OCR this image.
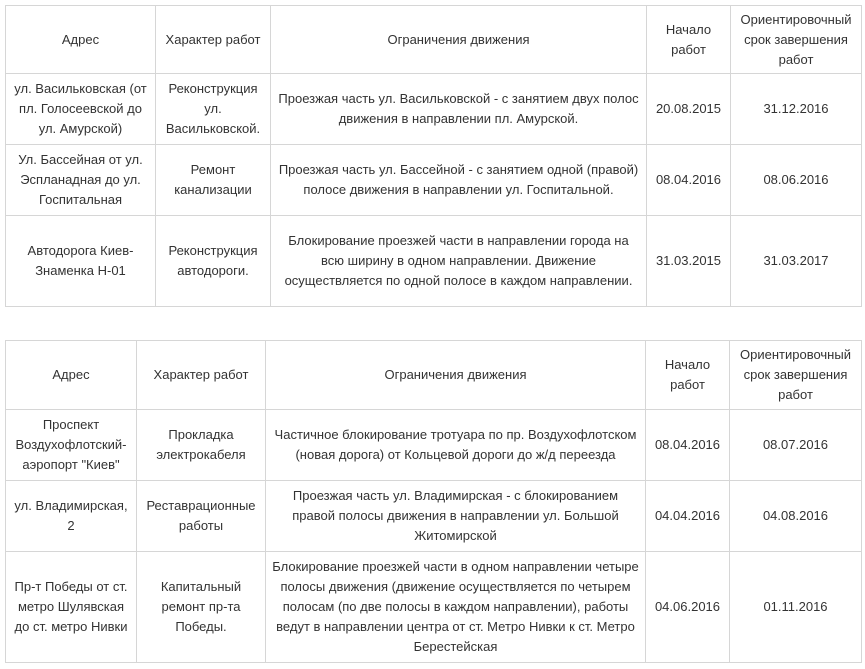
Адрес	Характер работ	Ограничения движения	Начало работ	Ориентировочный срок завершения работ
ул. Васильковская (от пл. Голосеевской до ул. Амурской)	Реконструкция ул. Васильковской.	Проезжая часть ул. Васильковской - с занятием двух полос движения в направлении пл. Амурской.	20.08.2015	31.12.2016
Ул. Бассейная от ул. Эспланадная до ул. Госпитальная	Ремонт канализации	Проезжая часть ул. Бассейной - с занятием одной (правой) полосе движения в направлении ул. Госпитальной.	08.04.2016	08.06.2016
Автодорога Киев-Знаменка Н-01	Реконструкция автодороги.	Блокирование проезжей части в направлении города на всю ширину в одном направлении. Движение осуществляется по одной полосе в каждом направлении.	31.03.2015	31.03.2017
Адрес	Характер работ	Ограничения движения	Начало работ	Ориентировочный срок завершения работ
Проспект Воздухофлотский-аэропорт "Киев"	Прокладка электрокабеля	Частичное блокирование тротуара по пр. Воздухофлотском (новая дорога) от Кольцевой дороги до ж/д переезда	08.04.2016	08.07.2016
ул. Владимирская, 2	Реставрационные работы	Проезжая часть ул. Владимирская - с блокированием правой полосы движения в направлении ул. Большой Житомирской	04.04.2016	04.08.2016
Пр-т Победы от ст. метро Шулявская до ст. метро Нивки	Капитальный ремонт пр-та Победы.	Блокирование проезжей части в одном направлении четыре полосы движения (движение осуществляется по четырем полосам (по две полосы в каждом направлении), работы ведут в направлении центра от ст. Метро Нивки к ст. Метро Берестейская	04.06.2016	01.11.2016
